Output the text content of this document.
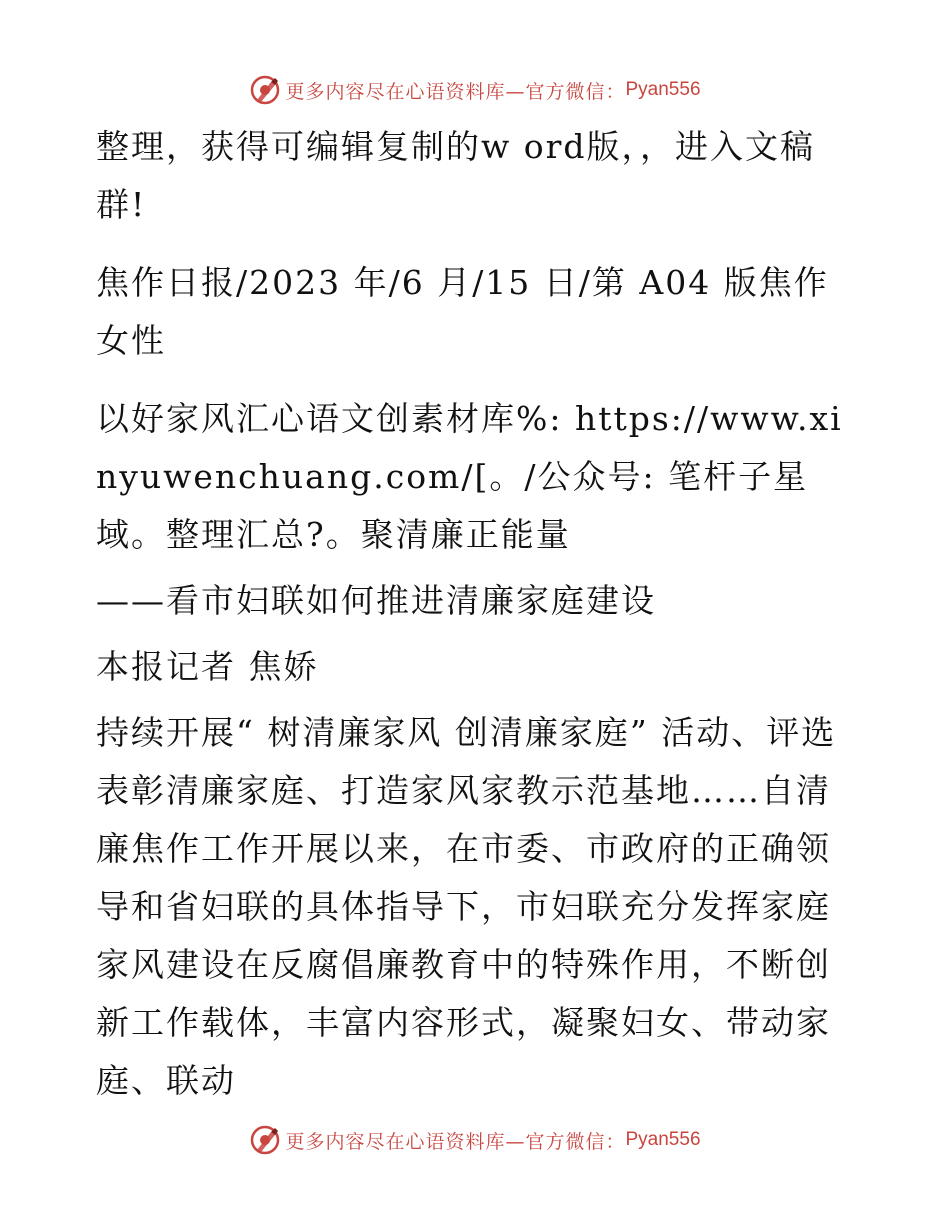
更多内容尽在心语资料库—官方微信： Pyan556

整理，获得可编辑复制的w ord版，，进入文稿群!

焦作日报/2023 年/6 月/15 日/第 A04 版焦作女性

以好家风汇心语文创素材库%: https://www.xinyuwenchuang.com/[。/公众号: 笔杆子星域。整理汇总?。聚清廉正能量

——看市妇联如何推进清廉家庭建设

本报记者 焦娇

持续开展“ 树清廉家风 创清廉家庭” 活动、评选表彰清廉家庭、打造家风家教示范基地……自清廉焦作工作开展以来，在市委、市政府的正确领导和省妇联的具体指导下，市妇联充分发挥家庭家风建设在反腐倡廉教育中的特殊作用，不断创新工作载体，丰富内容形式，凝聚妇女、带动家庭、联动

更多内容尽在心语资料库—官方微信： Pyan556
